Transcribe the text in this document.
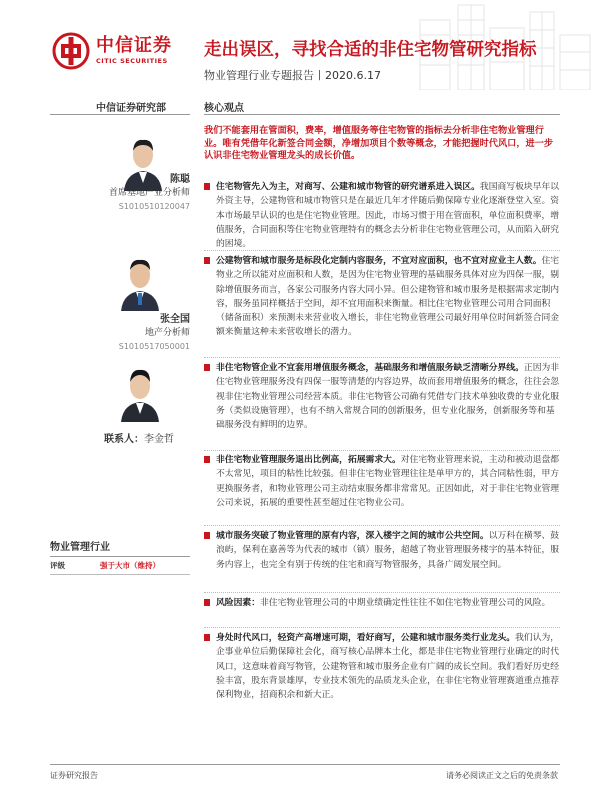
中信证券
CITIC SECURITIES
走出误区，寻找合适的非住宅物管研究指标
物业管理行业专题报告丨2020.6.17
中信证券研究部
陈聪
首席基地产业分析师
S1010510120047
张全国
地产分析师
S1010517050001
联系人：李金哲
物业管理行业
评级	强于大市（维持）
核心观点
我们不能套用在管面积，费率，增值服务等住宅物管的指标去分析非住宅物业管理行业。唯有凭借年化新签合同金额，净增加项目个数等概念，才能把握时代风口，进一步认识非住宅物业管理龙头的成长价值。
住宅物管先入为主，对商写、公建和城市物管的研究谱系进入误区。我国商写板块早年以外资主导，公建物管和城市物管只是在最近几年才伴随后勤保障专业化逐渐登堂入室。资本市场最早认识的也是住宅物业管理。因此，市场习惯于用在管面积，单位面积费率，增值服务，合同面积等住宅物业管理特有的概念去分析非住宅物业管理公司，从而陷入研究的困境。
公建物管和城市服务是标段化定制内容服务，不宜对应面积，也不宜对应业主人数。住宅物业之所以能对应面积和人数，是因为住宅物业管理的基础服务具体对应为四保一服，剔除增值服务而言，各家公司服务内容大同小异。但公建物管和城市服务是根据需求定制内容，服务虽同样概括于空间，却不宜用面积来衡量。相比住宅物业管理公司用合同面积（储备面积）来预测未来营业收入增长，非住宅物业管理公司最好用单位时间新签合同金额来衡量这种未来营收增长的潜力。
非住宅物管企业不宜套用增值服务概念，基础服务和增值服务缺乏清晰分界线。正因为非住宅物业管理服务没有四保一服等清楚的内容边界，故而套用增值服务的概念，往往会忽视非住宅物业管理公司经营本质。非住宅物管公司确有凭借专门技术单独收费的专业化服务（类似设施管理），也有不纳入常规合同的创新服务，但专业化服务，创新服务等和基础服务没有鲜明的边界。
非住宅物业管理服务退出比例高，拓展需求大。对住宅物业管理来说，主动和被动退盘都不太常见，项目的粘性比较强。但非住宅物业管理往往是单甲方的，其合同粘性弱，甲方更换服务者，和物业管理公司主动结束服务都非常常见。正因如此，对于非住宅物业管理公司来说，拓展的重要性甚至超过住宅物业公司。
城市服务突破了物业管理的原有内容，深入楼宇之间的城市公共空间。以万科在横琴、鼓浪屿，保利在嘉善等为代表的城市（镇）服务，超越了物业管理服务楼宇的基本特征，服务内容上，也完全有别于传统的住宅和商写物管服务，具备广阔发展空间。
风险因素：非住宅物业管理公司的中期业绩确定性往往不如住宅物业管理公司的风险。
身处时代风口，轻资产高增速可期，看好商写，公建和城市服务类行业龙头。我们认为，企事业单位后勤保障社会化，商写核心品牌本土化，都是非住宅物业管理行业确定的时代风口，这意味着商写物管，公建物管和城市服务企业有广阔的成长空间。我们看好历史经验丰富，股东背景雄厚，专业技术领先的品质龙头企业，在非住宅物业管理赛道重点推荐保利物业，招商积余和新大正。
证券研究报告	请务必阅读正文之后的免责条款
